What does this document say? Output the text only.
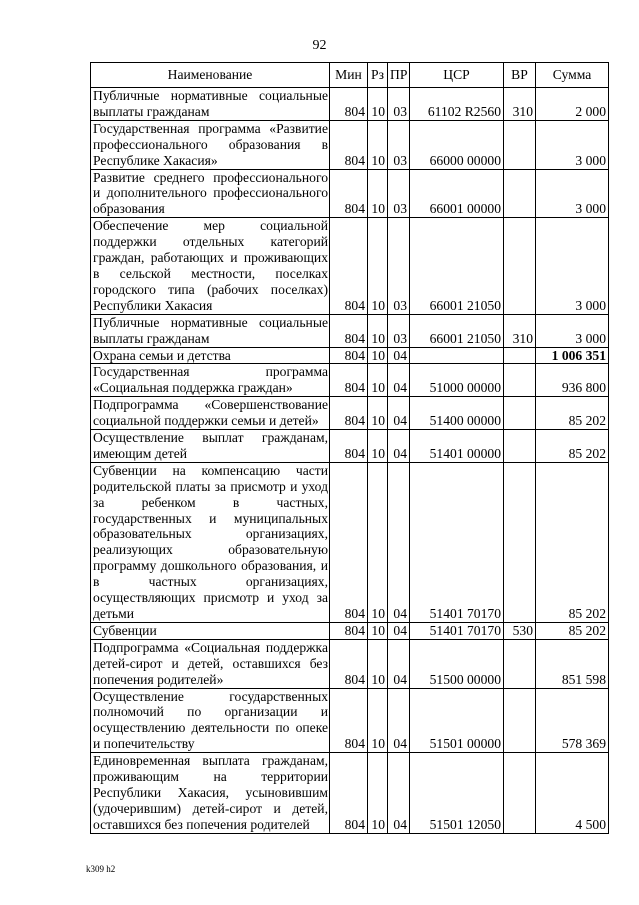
92
Наименование	Мин	Рз	ПР	ЦСР	ВР	Сумма
Публичные нормативные социальные выплаты гражданам	804	10	03	61102 R2560	310	2 000
Государственная программа «Развитие профессионального образования в Республике Хакасия»	804	10	03	66000 00000		3 000
Развитие среднего профессионального и дополнительного профессионального образования	804	10	03	66001 00000		3 000
Обеспечение мер социальной поддержки отдельных категорий граждан, работающих и проживающих в сельской местности, поселках городского типа (рабочих поселках) Республики Хакасия	804	10	03	66001 21050		3 000
Публичные нормативные социальные выплаты гражданам	804	10	03	66001 21050	310	3 000
Охрана семьи и детства	804	10	04			1 006 351
Государственная программа «Социальная поддержка граждан»	804	10	04	51000 00000		936 800
Подпрограмма «Совершенствование социальной поддержки семьи и детей»	804	10	04	51400 00000		85 202
Осуществление выплат гражданам, имеющим детей	804	10	04	51401 00000		85 202
Субвенции на компенсацию части родительской платы за присмотр и уход за ребенком в частных, государственных и муниципальных образовательных организациях, реализующих образовательную программу дошкольного образования, и в частных организациях, осуществляющих присмотр и уход за детьми	804	10	04	51401 70170		85 202
Субвенции	804	10	04	51401 70170	530	85 202
Подпрограмма «Социальная поддержка детей-сирот и детей, оставшихся без попечения родителей»	804	10	04	51500 00000		851 598
Осуществление государственных полномочий по организации и осуществлению деятельности по опеке и попечительству	804	10	04	51501 00000		578 369
Единовременная выплата гражданам, проживающим на территории Республики Хакасия, усыновившим (удочерившим) детей-сирот и детей, оставшихся без попечения родителей	804	10	04	51501 12050		4 500
k309 h2
